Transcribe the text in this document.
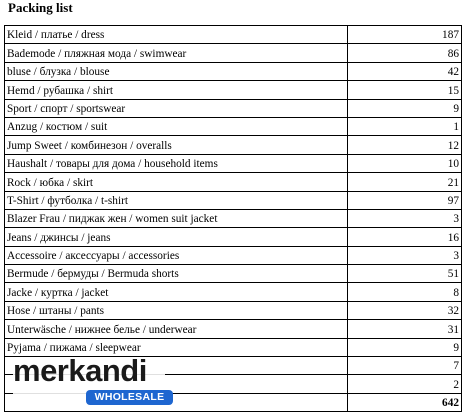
Packing list
Kleid / платье / dress	187
Bademode / пляжная мода / swimwear	86
bluse / блузка / blouse	42
Hemd / рубашка / shirt	15
Sport / спорт / sportswear	9
Anzug / костюм / suit	1
Jump Sweet / комбинезон / overalls	12
Haushalt / товары для дома / household items	10
Rock / юбка / skirt	21
T-Shirt / футболка / t-shirt	97
Blazer Frau / пиджак жен / women suit jacket	3
Jeans / джинсы / jeans	16
Accessoire / аксессуары / accessories	3
Bermude / бермуды / Bermuda shorts	51
Jacke / куртка / jacket	8
Hose / штаны / pants	32
Unterwäsche / нижнее белье / underwear	31
Pyjama / пижама / sleepwear	9
	7
	2
	642
merkandi
WHOLESALE
